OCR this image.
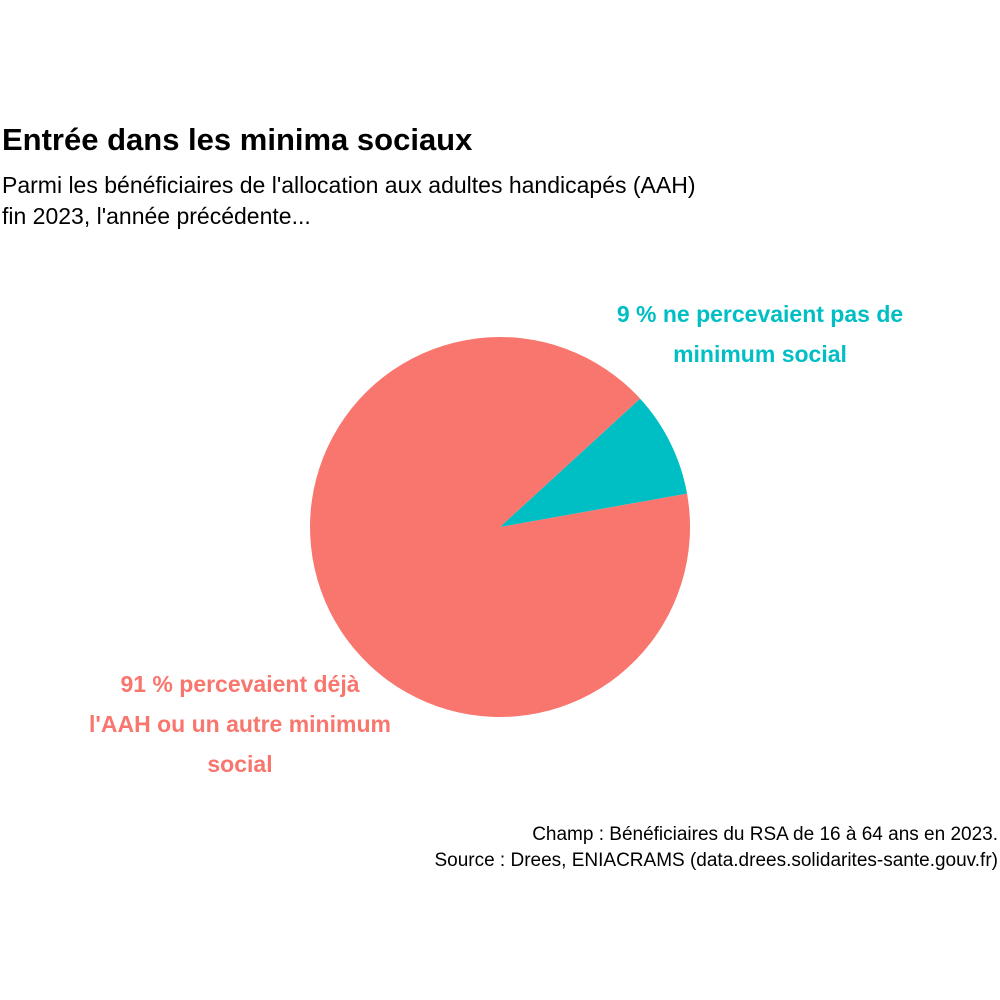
Entrée dans les minima sociaux
Parmi les bénéficiaires de l'allocation aux adultes handicapés (AAH)
fin 2023, l'année précédente...
9 % ne percevaient pas de
minimum social
91 % percevaient déjà
l'AAH ou un autre minimum
social
Champ : Bénéficiaires du RSA de 16 à 64 ans en 2023.
Source : Drees, ENIACRAMS (data.drees.solidarites-sante.gouv.fr)
